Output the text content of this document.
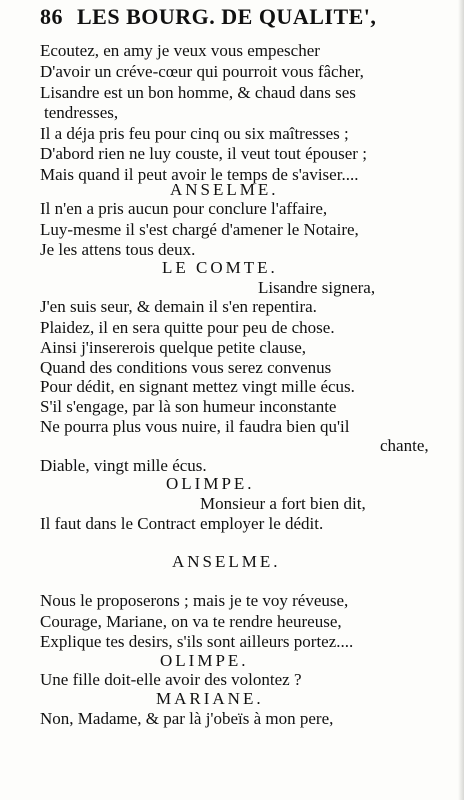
86 LES BOURG. DE QUALITE',
Ecoutez, en amy je veux vous empescher
D'avoir un créve-cœur qui pourroit vous fâcher,
Lisandre est un bon homme, & chaud dans ses
tendresses,
Il a déja pris feu pour cinq ou six maîtresses ;
D'abord rien ne luy couste, il veut tout épouser ;
Mais quand il peut avoir le temps de s'aviser....
ANSELME.
Il n'en a pris aucun pour conclure l'affaire,
Luy-mesme il s'est chargé d'amener le Notaire,
Je les attens tous deux.
LE COMTE.
Lisandre signera,
J'en suis seur, & demain il s'en repentira.
Plaidez, il en sera quitte pour peu de chose.
Ainsi j'insererois quelque petite clause,
Quand des conditions vous serez convenus
Pour dédit, en signant mettez vingt mille écus.
S'il s'engage, par là son humeur inconstante
Ne pourra plus vous nuire, il faudra bien qu'il
chante,
Diable, vingt mille écus.
OLIMPE.
Monsieur a fort bien dit,
Il faut dans le Contract employer le dédit.
ANSELME.
Nous le proposerons ; mais je te voy réveuse,
Courage, Mariane, on va te rendre heureuse,
Explique tes desirs, s'ils sont ailleurs portez....
OLIMPE.
Une fille doit-elle avoir des volontez ?
MARIANE.
Non, Madame, & par là j'obeïs à mon pere,
